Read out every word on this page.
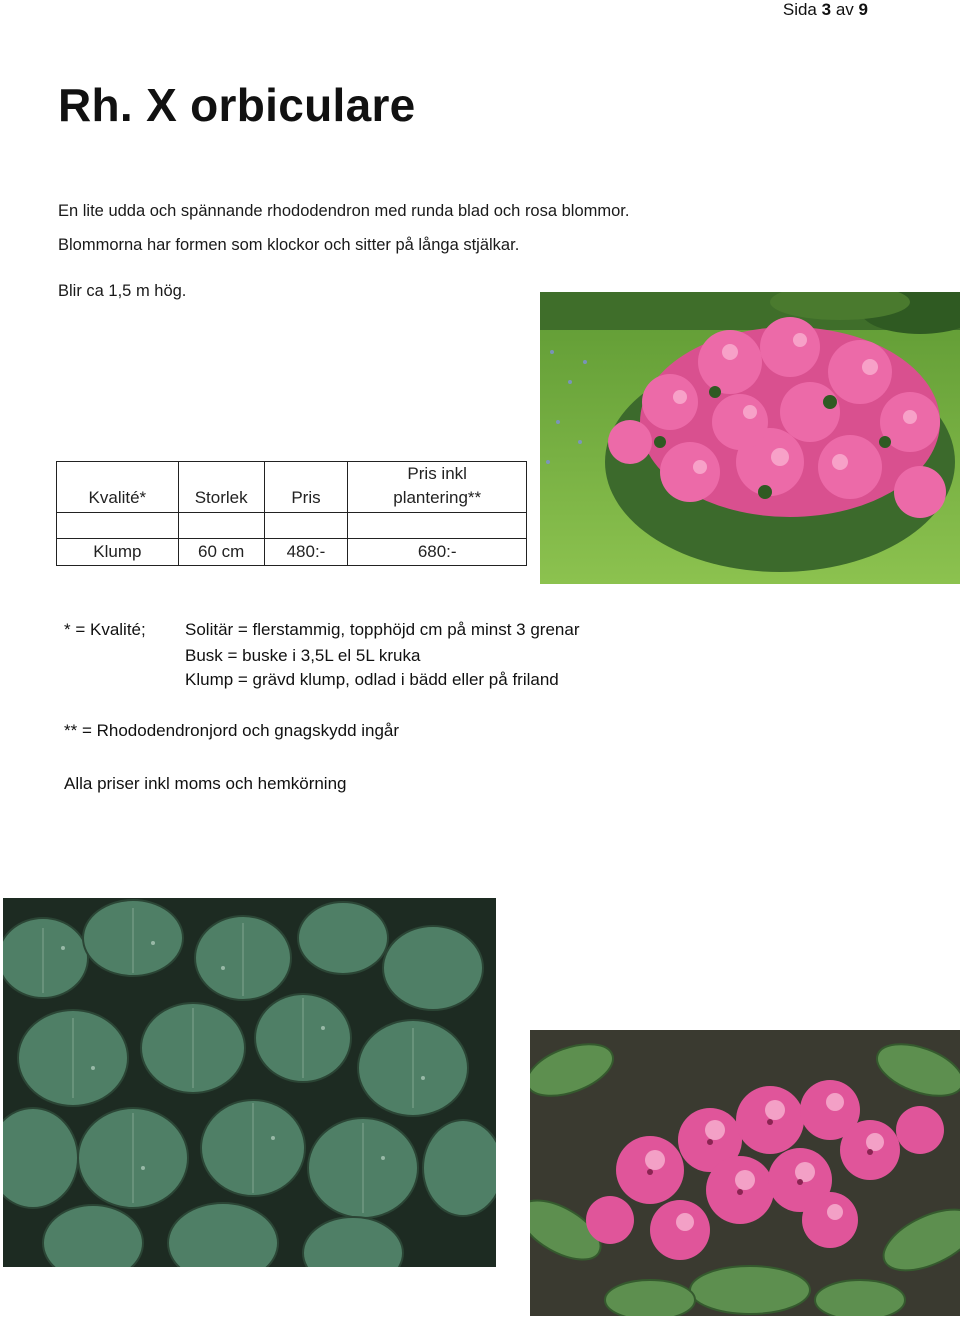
Sida 3 av 9
Rh. X orbiculare
En lite udda och spännande rhododendron med runda blad och rosa blommor.
Blommorna har formen som klockor och sitter på långa stjälkar.
Blir ca 1,5 m hög.
Kvalité*	Storlek	Pris	Pris inkl
plantering**

Klump	60 cm	480:-	680:-
* = Kvalité; Solitär = flerstammig, topphöjd cm på minst 3 grenar
Busk = buske i 3,5L el 5L kruka
Klump = grävd klump, odlad i bädd eller på friland
** = Rhododendronjord och gnagskydd ingår
Alla priser inkl moms och hemkörning
